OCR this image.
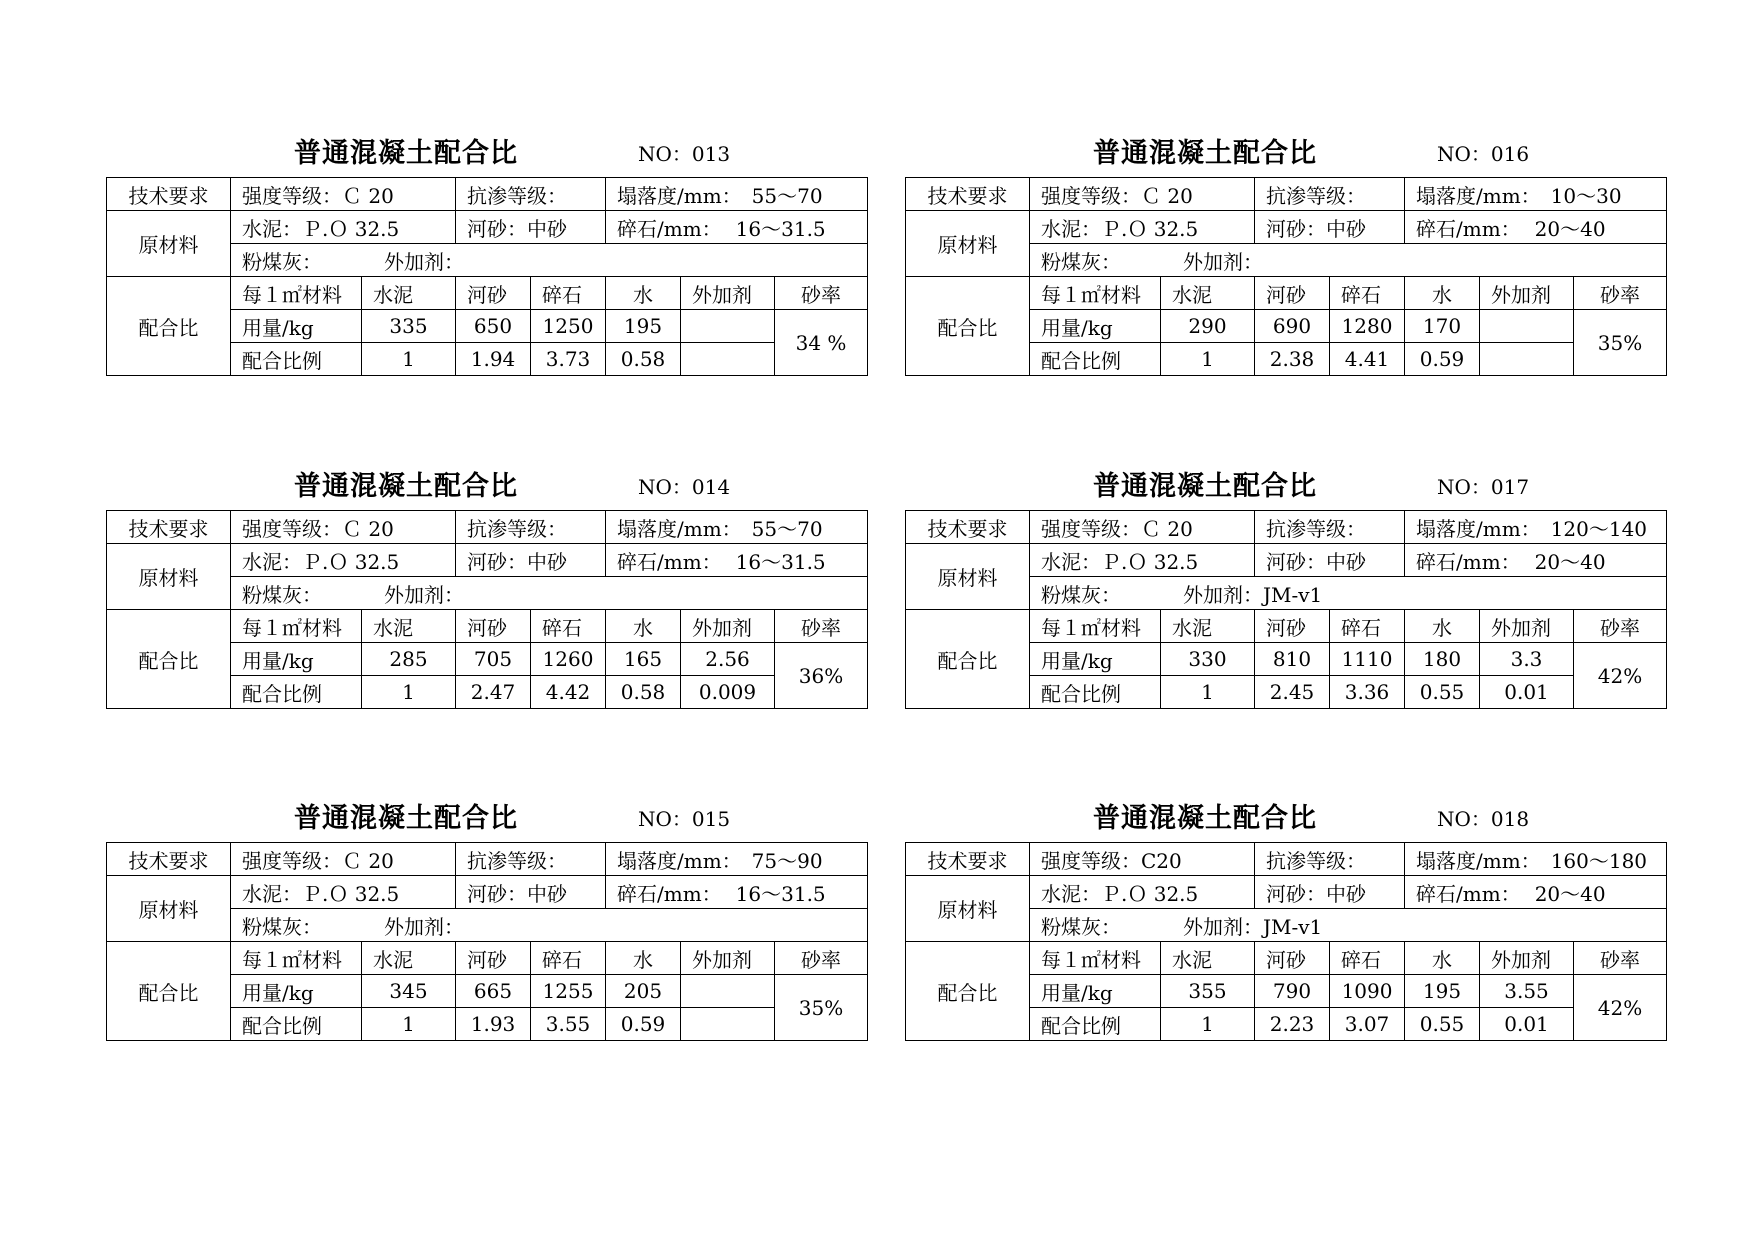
普通混凝土配合比	NO：013
技术要求	强度等级：Ｃ 20		抗渗等级：		塌落度/mm： 55～70		
原材料	水泥：Ｐ.Ｏ 32.5		河砂：中砂		碎石/mm： 16～31.5		
	粉煤灰： 外加剂：						
配合比	每１㎡材料	水泥	河砂	碎石	水	外加剂	砂率
	用量/kg	335	650	1250	195		34 %
	配合比例	1	1.94	3.73	0.58		
普通混凝土配合比	NO：016
技术要求	强度等级：Ｃ 20		抗渗等级：		塌落度/mm： 10～30		
原材料	水泥：Ｐ.Ｏ 32.5		河砂：中砂		碎石/mm： 20～40		
	粉煤灰： 外加剂：						
配合比	每１㎡材料	水泥	河砂	碎石	水	外加剂	砂率
	用量/kg	290	690	1280	170		35%
	配合比例	1	2.38	4.41	0.59		
普通混凝土配合比	NO：014
技术要求	强度等级：Ｃ 20		抗渗等级：		塌落度/mm： 55～70		
原材料	水泥：Ｐ.Ｏ 32.5		河砂：中砂		碎石/mm： 16～31.5		
	粉煤灰： 外加剂：						
配合比	每１㎡材料	水泥	河砂	碎石	水	外加剂	砂率
	用量/kg	285	705	1260	165	2.56	36%
	配合比例	1	2.47	4.42	0.58	0.009	
普通混凝土配合比	NO：017
技术要求	强度等级：Ｃ 20		抗渗等级：		塌落度/mm： 120～140		
原材料	水泥：Ｐ.Ｏ 32.5		河砂：中砂		碎石/mm： 20～40		
	粉煤灰： 外加剂：JM-v1						
配合比	每１㎡材料	水泥	河砂	碎石	水	外加剂	砂率
	用量/kg	330	810	1110	180	3.3	42%
	配合比例	1	2.45	3.36	0.55	0.01	
普通混凝土配合比	NO：015
技术要求	强度等级：Ｃ 20		抗渗等级：		塌落度/mm： 75～90		
原材料	水泥：Ｐ.Ｏ 32.5		河砂：中砂		碎石/mm： 16～31.5		
	粉煤灰： 外加剂：						
配合比	每１㎡材料	水泥	河砂	碎石	水	外加剂	砂率
	用量/kg	345	665	1255	205		35%
	配合比例	1	1.93	3.55	0.59		
普通混凝土配合比	NO：018
技术要求	强度等级：C20		抗渗等级：		塌落度/mm： 160～180		
原材料	水泥：Ｐ.Ｏ 32.5		河砂：中砂		碎石/mm： 20～40		
	粉煤灰： 外加剂：JM-v1						
配合比	每１㎡材料	水泥	河砂	碎石	水	外加剂	砂率
	用量/kg	355	790	1090	195	3.55	42%
	配合比例	1	2.23	3.07	0.55	0.01	
